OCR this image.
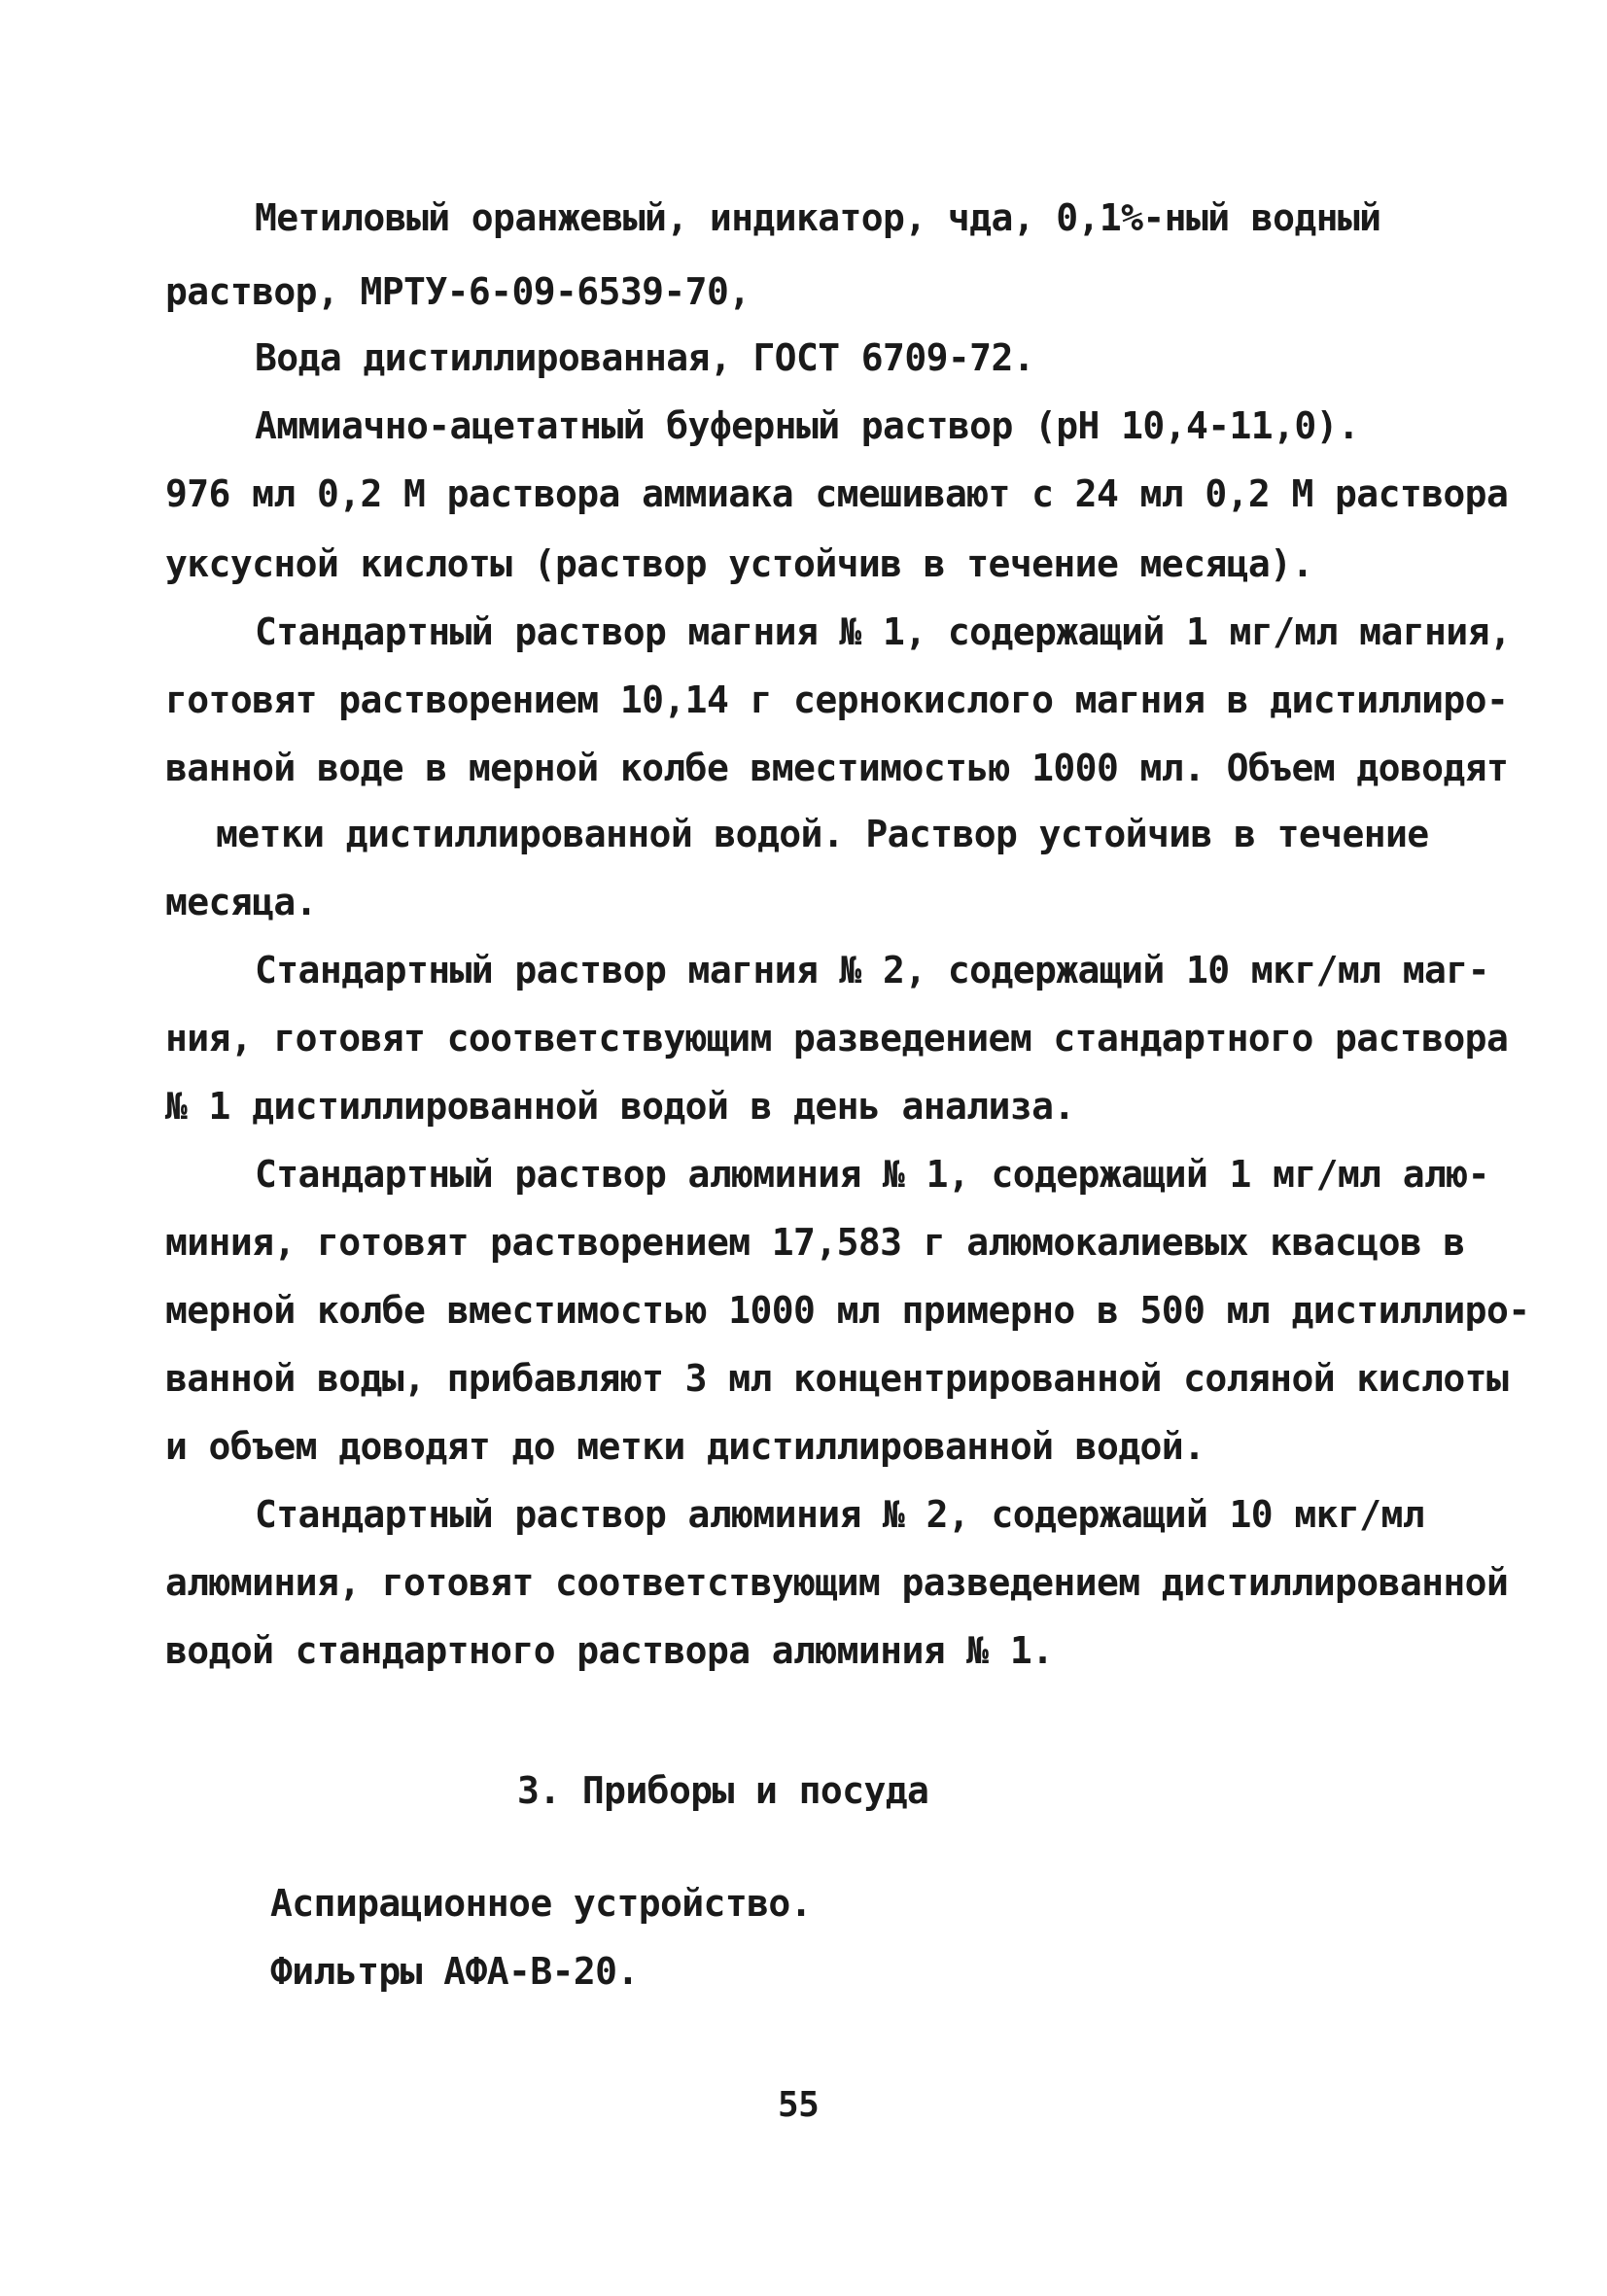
Метиловый оранжевый, индикатор, чда, 0,1%-ный водный
раствор, МРТУ-6-09-6539-70,
Вода дистиллированная, ГОСТ 6709-72.
Аммиачно-ацетатный буферный раствор (рН 10,4-11,0).
976 мл 0,2 М раствора аммиака смешивают с 24 мл 0,2 М раствора
уксусной кислоты (раствор устойчив в течение месяца).
Стандартный раствор магния № 1, содержащий 1 мг/мл магния,
готовят растворением 10,14 г сернокислого магния в дистиллиро-
ванной воде в мерной колбе вместимостью 1000 мл. Объем доводят
метки дистиллированной водой. Раствор устойчив в течение
месяца.
Стандартный раствор магния № 2, содержащий 10 мкг/мл маг-
ния, готовят соответствующим разведением стандартного раствора
№ 1 дистиллированной водой в день анализа.
Стандартный раствор алюминия № 1, содержащий 1 мг/мл алю-
миния, готовят растворением 17,583 г алюмокалиевых квасцов в
мерной колбе вместимостью 1000 мл примерно в 500 мл дистиллиро-
ванной воды, прибавляют 3 мл концентрированной соляной кислоты
и объем доводят до метки дистиллированной водой.
Стандартный раствор алюминия № 2, содержащий 10 мкг/мл
алюминия, готовят соответствующим разведением дистиллированной
водой стандартного раствора алюминия № 1.
3. Приборы и посуда
Аспирационное устройство.
Фильтры АФА-В-20.
55
